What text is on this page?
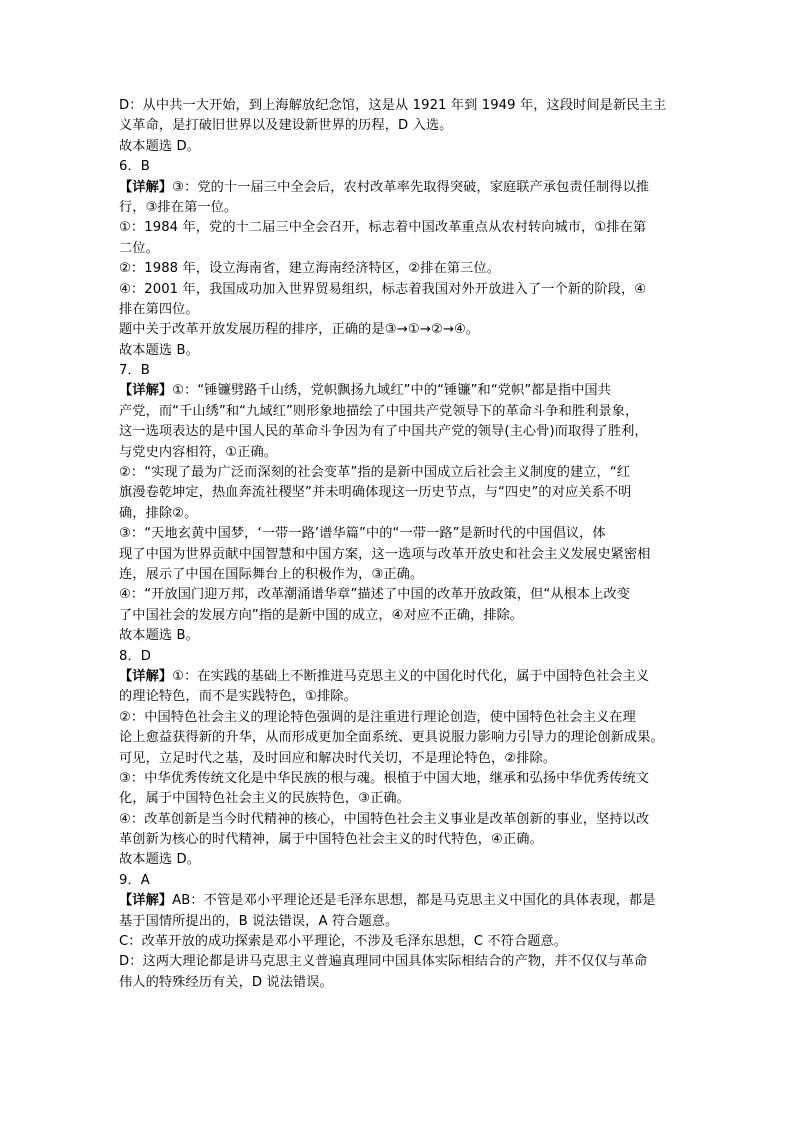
D：从中共一大开始，到上海解放纪念馆，这是从 1921 年到 1949 年，这段时间是新民主主
义革命，是打破旧世界以及建设新世界的历程，D 入选。
故本题选 D。
6．B
【详解】③：党的十一届三中全会后，农村改革率先取得突破，家庭联产承包责任制得以推
行，③排在第一位。
①：1984 年，党的十二届三中全会召开，标志着中国改革重点从农村转向城市，①排在第
二位。
②：1988 年，设立海南省，建立海南经济特区，②排在第三位。
④：2001 年，我国成功加入世界贸易组织，标志着我国对外开放进入了一个新的阶段，④
排在第四位。
题中关于改革开放发展历程的排序，正确的是③→①→②→④。
故本题选 B。
7．B
【详解】①：“锤镰劈路千山绣，党帜飘扬九域红”中的“锤镰”和“党帜”都是指中国共
产党，而“千山绣”和“九域红”则形象地描绘了中国共产党领导下的革命斗争和胜利景象，
这一选项表达的是中国人民的革命斗争因为有了中国共产党的领导(主心骨)而取得了胜利，
与党史内容相符，①正确。
②：“实现了最为广泛而深刻的社会变革”指的是新中国成立后社会主义制度的建立，“红
旗漫卷乾坤定，热血奔流社稷坚”并未明确体现这一历史节点，与“四史”的对应关系不明
确，排除②。
③：“天地玄黄中国梦，‘一带一路’谱华篇”中的“一带一路”是新时代的中国倡议，体
现了中国为世界贡献中国智慧和中国方案，这一选项与改革开放史和社会主义发展史紧密相
连，展示了中国在国际舞台上的积极作为，③正确。
④：“开放国门迎万邦，改革潮涌谱华章”描述了中国的改革开放政策，但“从根本上改变
了中国社会的发展方向”指的是新中国的成立，④对应不正确，排除。
故本题选 B。
8．D
【详解】①：在实践的基础上不断推进马克思主义的中国化时代化，属于中国特色社会主义
的理论特色，而不是实践特色，①排除。
②：中国特色社会主义的理论特色强调的是注重进行理论创造，使中国特色社会主义在理
论上愈益获得新的升华，从而形成更加全面系统、更具说服力影响力引导力的理论创新成果。
可见，立足时代之基，及时回应和解决时代关切，不是理论特色，②排除。
③：中华优秀传统文化是中华民族的根与魂。根植于中国大地，继承和弘扬中华优秀传统文
化，属于中国特色社会主义的民族特色，③正确。
④：改革创新是当今时代精神的核心，中国特色社会主义事业是改革创新的事业，坚持以改
革创新为核心的时代精神，属于中国特色社会主义的时代特色，④正确。
故本题选 D。
9．A
【详解】AB：不管是邓小平理论还是毛泽东思想，都是马克思主义中国化的具体表现，都是
基于国情所提出的，B 说法错误，A 符合题意。
C：改革开放的成功探索是邓小平理论，不涉及毛泽东思想，C 不符合题意。
D：这两大理论都是讲马克思主义普遍真理同中国具体实际相结合的产物，并不仅仅与革命
伟人的特殊经历有关，D 说法错误。
